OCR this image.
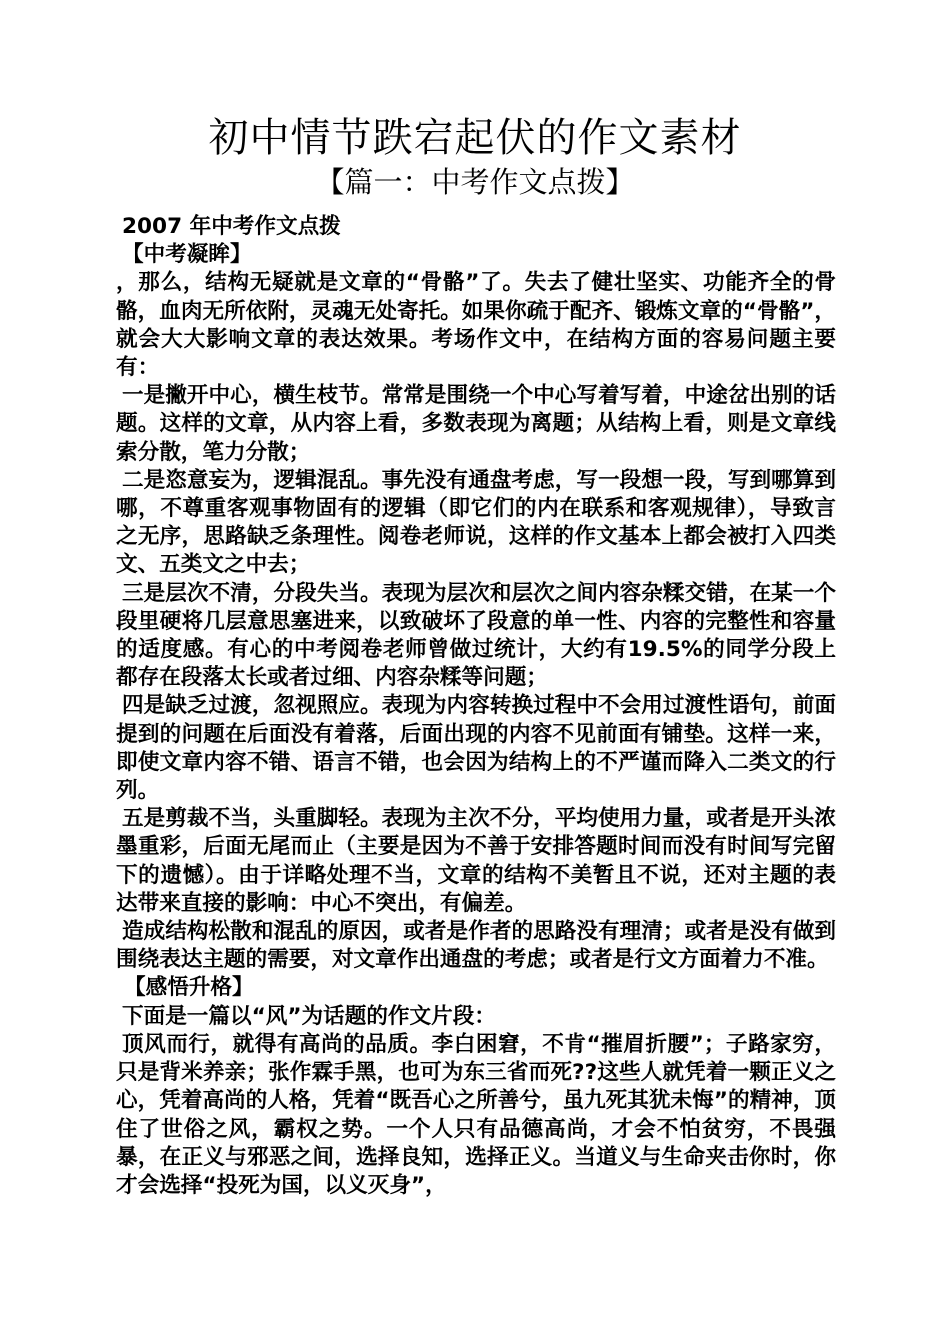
初中情节跌宕起伏的作文素材
【篇一：中考作文点拨】

2007 年中考作文点拨

【中考凝眸】

，那么，结构无疑就是文章的“骨骼”了。失去了健壮坚实、功能齐全的骨骼，血肉无所依附，灵魂无处寄托。如果你疏于配齐、锻炼文章的“骨骼”，就会大大影响文章的表达效果。考场作文中，在结构方面的容易问题主要有：

一是撇开中心，横生枝节。常常是围绕一个中心写着写着，中途岔出别的话题。这样的文章，从内容上看，多数表现为离题；从结构上看，则是文章线索分散，笔力分散；

二是恣意妄为，逻辑混乱。事先没有通盘考虑，写一段想一段，写到哪算到哪，不尊重客观事物固有的逻辑（即它们的内在联系和客观规律），导致言之无序，思路缺乏条理性。阅卷老师说，这样的作文基本上都会被打入四类文、五类文之中去；

三是层次不清，分段失当。表现为层次和层次之间内容杂糅交错，在某一个段里硬将几层意思塞进来，以致破坏了段意的单一性、内容的完整性和容量的适度感。有心的中考阅卷老师曾做过统计，大约有19.5%的同学分段上都存在段落太长或者过细、内容杂糅等问题；

四是缺乏过渡，忽视照应。表现为内容转换过程中不会用过渡性语句，前面提到的问题在后面没有着落，后面出现的内容不见前面有铺垫。这样一来，即使文章内容不错、语言不错，也会因为结构上的不严谨而降入二类文的行列。

五是剪裁不当，头重脚轻。表现为主次不分，平均使用力量，或者是开头浓墨重彩，后面无尾而止（主要是因为不善于安排答题时间而没有时间写完留下的遗憾）。由于详略处理不当，文章的结构不美暂且不说，还对主题的表达带来直接的影响：中心不突出，有偏差。

造成结构松散和混乱的原因，或者是作者的思路没有理清；或者是没有做到围绕表达主题的需要，对文章作出通盘的考虑；或者是行文方面着力不准。

【感悟升格】

下面是一篇以“风”为话题的作文片段：

顶风而行，就得有高尚的品质。李白困窘，不肯“摧眉折腰”；子路家穷，只是背米养亲；张作霖手黑，也可为东三省而死??这些人就凭着一颗正义之心，凭着高尚的人格，凭着“既吾心之所善兮，虽九死其犹未悔”的精神，顶住了世俗之风，霸权之势。一个人只有品德高尚，才会不怕贫穷，不畏强暴，在正义与邪恶之间，选择良知，选择正义。当道义与生命夹击你时，你才会选择“投死为国，以义灭身”，
